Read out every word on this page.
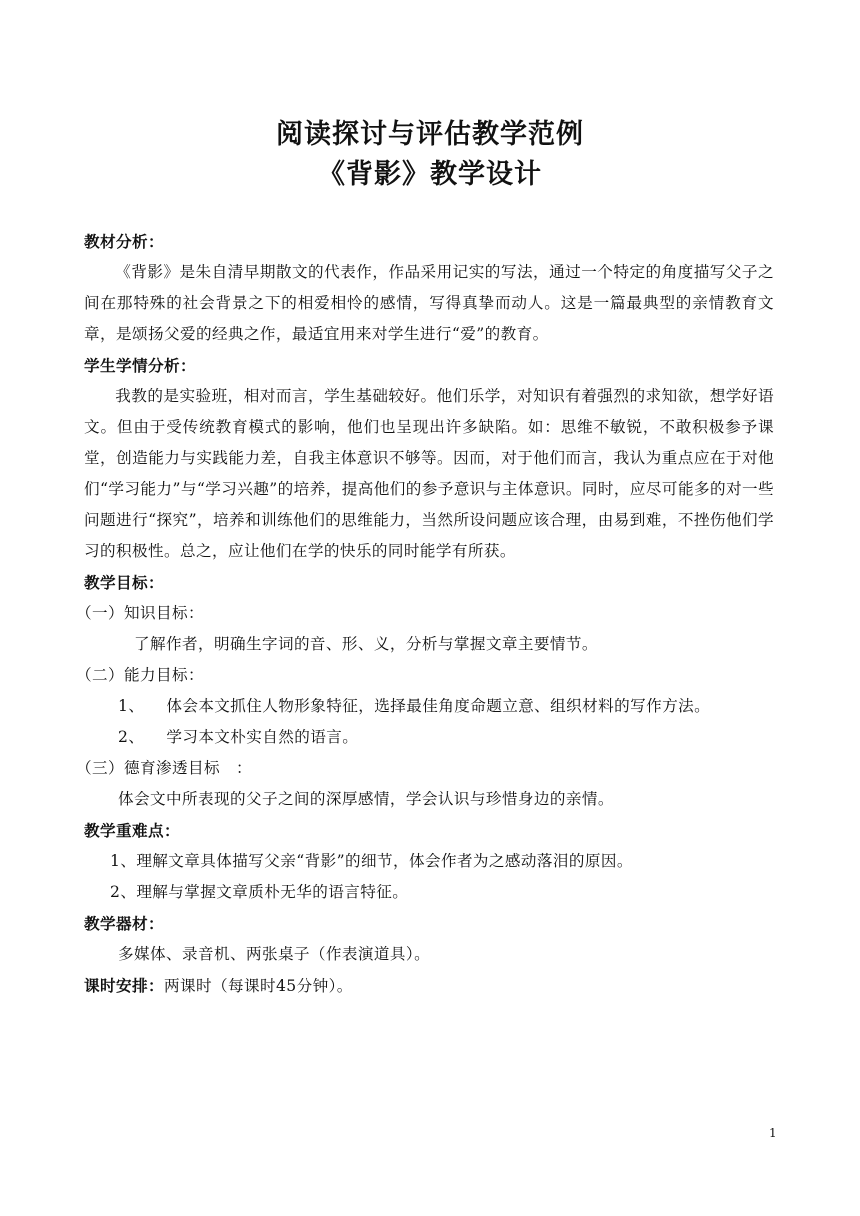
阅读探讨与评估教学范例
《背影》教学设计
教材分析：

《背影》是朱自清早期散文的代表作，作品采用记实的写法，通过一个特定的角度描写父子之间在那特殊的社会背景之下的相爱相怜的感情，写得真挚而动人。这是一篇最典型的亲情教育文章，是颂扬父爱的经典之作，最适宜用来对学生进行“爱”的教育。

学生学情分析：

我教的是实验班，相对而言，学生基础较好。他们乐学，对知识有着强烈的求知欲，想学好语文。但由于受传统教育模式的影响，他们也呈现出许多缺陷。如：思维不敏锐，不敢积极参予课堂，创造能力与实践能力差，自我主体意识不够等。因而，对于他们而言，我认为重点应在于对他们“学习能力”与“学习兴趣”的培养，提高他们的参予意识与主体意识。同时，应尽可能多的对一些问题进行“探究”，培养和训练他们的思维能力，当然所设问题应该合理，由易到难，不挫伤他们学习的积极性。总之，应让他们在学的快乐的同时能学有所获。

教学目标：
（一）知识目标：
了解作者，明确生字词的音、形、义，分析与掌握文章主要情节。
（二）能力目标：
1、 体会本文抓住人物形象特征，选择最佳角度命题立意、组织材料的写作方法。
2、 学习本文朴实自然的语言。
（三）德育渗透目标　：
体会文中所表现的父子之间的深厚感情，学会认识与珍惜身边的亲情。
教学重难点：
1、理解文章具体描写父亲“背影”的细节，体会作者为之感动落泪的原因。
2、理解与掌握文章质朴无华的语言特征。
教学器材：
多媒体、录音机、两张桌子（作表演道具）。
课时安排：两课时（每课时45分钟）。
1
